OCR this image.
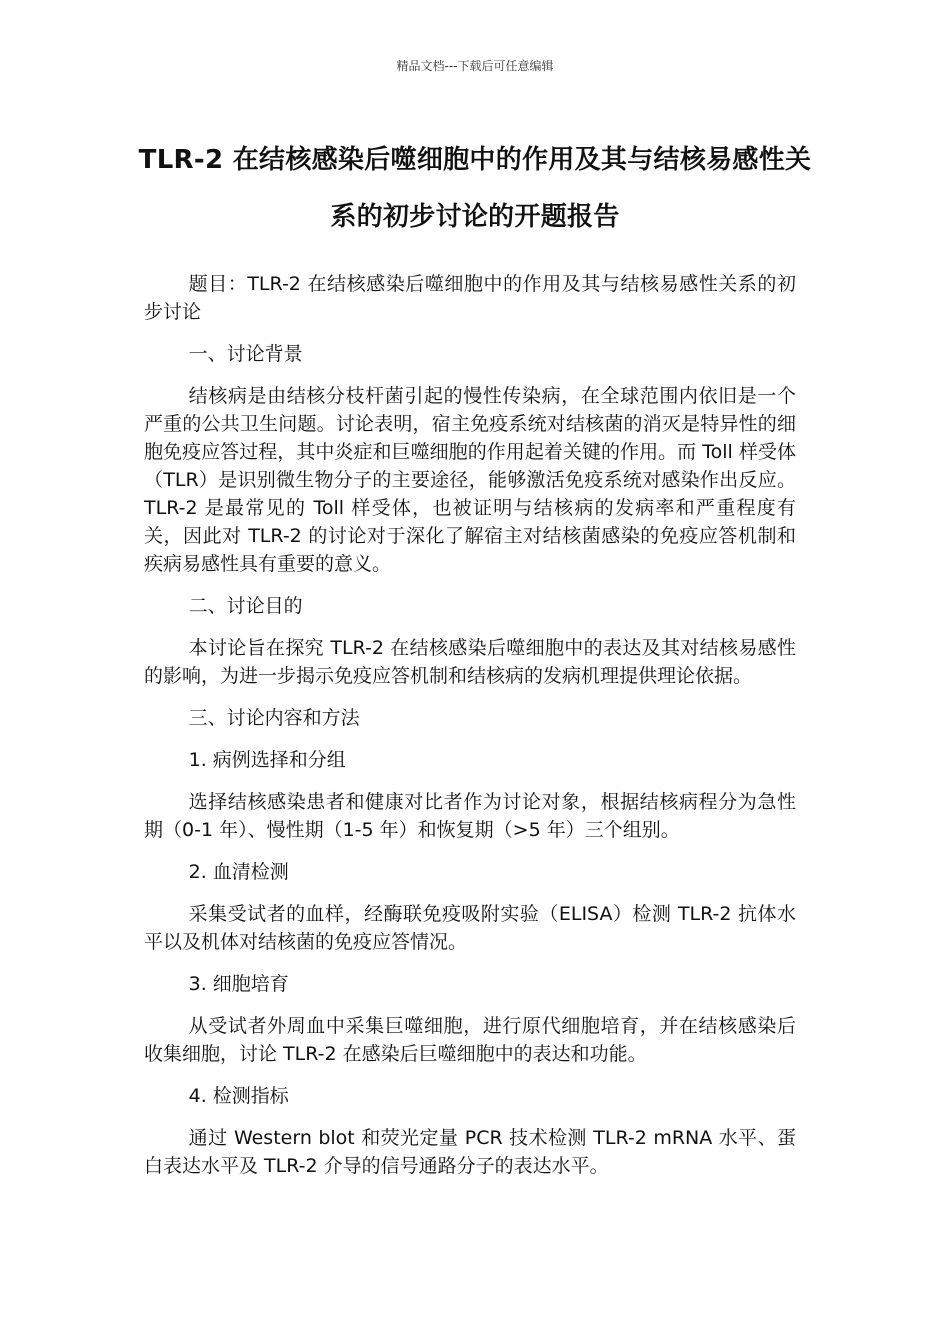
精品文档---下载后可任意编辑
TLR-2 在结核感染后噬细胞中的作用及其与结核易感性关系的初步讨论的开题报告

题目：TLR-2 在结核感染后噬细胞中的作用及其与结核易感性关系的初步讨论

一、讨论背景

结核病是由结核分枝杆菌引起的慢性传染病，在全球范围内依旧是一个严重的公共卫生问题。讨论表明，宿主免疫系统对结核菌的消灭是特异性的细胞免疫应答过程，其中炎症和巨噬细胞的作用起着关键的作用。而 Toll 样受体（TLR）是识别微生物分子的主要途径，能够激活免疫系统对感染作出反应。TLR-2 是最常见的 Toll 样受体，也被证明与结核病的发病率和严重程度有关，因此对 TLR-2 的讨论对于深化了解宿主对结核菌感染的免疫应答机制和疾病易感性具有重要的意义。

二、讨论目的

本讨论旨在探究 TLR-2 在结核感染后噬细胞中的表达及其对结核易感性的影响，为进一步揭示免疫应答机制和结核病的发病机理提供理论依据。

三、讨论内容和方法

1. 病例选择和分组

选择结核感染患者和健康对比者作为讨论对象，根据结核病程分为急性期（0-1 年）、慢性期（1-5 年）和恢复期（>5 年）三个组别。

2. 血清检测

采集受试者的血样，经酶联免疫吸附实验（ELISA）检测 TLR-2 抗体水平以及机体对结核菌的免疫应答情况。

3. 细胞培育

从受试者外周血中采集巨噬细胞，进行原代细胞培育，并在结核感染后收集细胞，讨论 TLR-2 在感染后巨噬细胞中的表达和功能。

4. 检测指标

通过 Western blot 和荧光定量 PCR 技术检测 TLR-2 mRNA 水平、蛋白表达水平及 TLR-2 介导的信号通路分子的表达水平。
